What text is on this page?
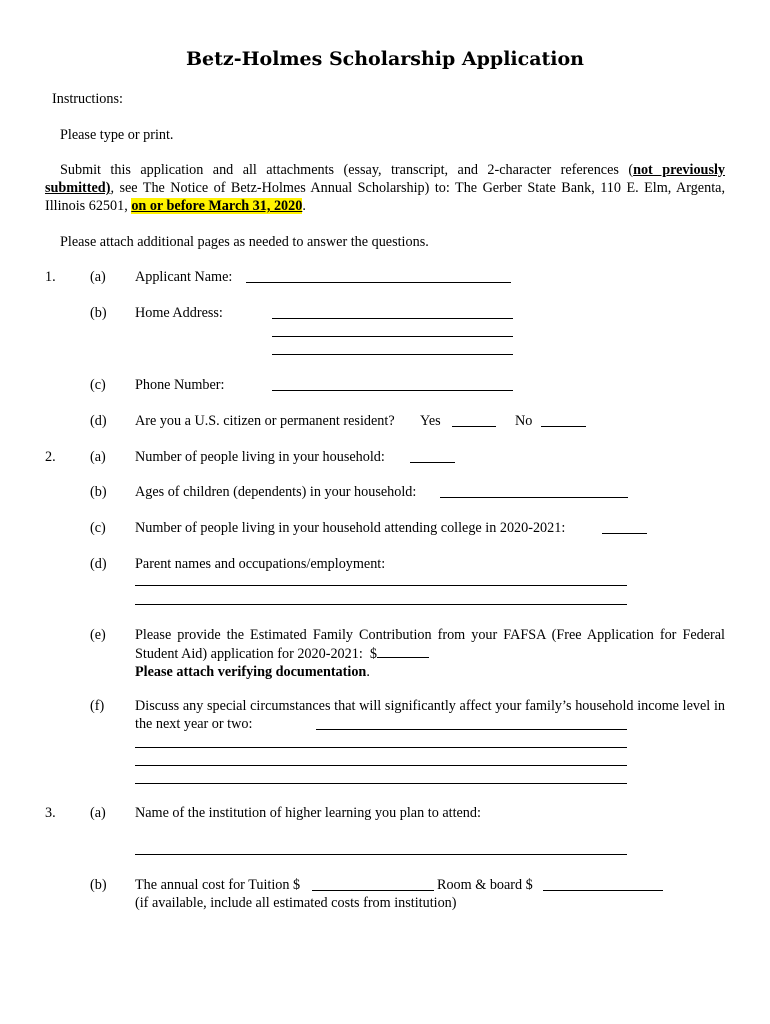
Betz-Holmes Scholarship Application
Instructions:
Please type or print.
Submit this application and all attachments (essay, transcript, and 2-character references (not previously submitted), see The Notice of Betz-Holmes Annual Scholarship) to: The Gerber State Bank, 110 E. Elm, Argenta, Illinois 62501, on or before March 31, 2020.
Please attach additional pages as needed to answer the questions.
1. (a) Applicant Name:
(b) Home Address:
(c) Phone Number:
(d) Are you a U.S. citizen or permanent resident? Yes	No
2. (a) Number of people living in your household:
(b) Ages of children (dependents) in your household:
(c) Number of people living in your household attending college in 2020-2021:
(d) Parent names and occupations/employment:
(e) Please provide the Estimated Family Contribution from your FAFSA (Free Application for Federal Student Aid) application for 2020-2021: $
Please attach verifying documentation.
(f) Discuss any special circumstances that will significantly affect your family’s household income level in the next year or two:
3. (a) Name of the institution of higher learning you plan to attend:
(b) The annual cost for Tuition $	Room & board $
(if available, include all estimated costs from institution)
